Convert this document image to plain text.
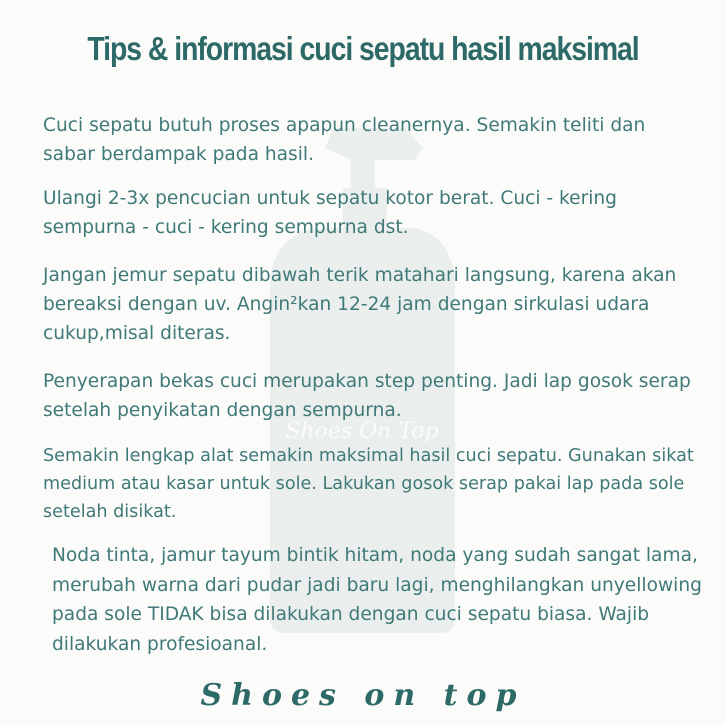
Shoes On Top
Tips & informasi cuci sepatu hasil maksimal

Cuci sepatu butuh proses apapun cleanernya. Semakin teliti dan sabar berdampak pada hasil.

Ulangi 2-3x pencucian untuk sepatu kotor berat. Cuci - kering sempurna - cuci - kering sempurna dst.

Jangan jemur sepatu dibawah terik matahari langsung, karena akan bereaksi dengan uv. Angin²kan 12-24 jam dengan sirkulasi udara cukup,misal diteras.

Penyerapan bekas cuci merupakan step penting. Jadi lap gosok serap setelah penyikatan dengan sempurna.

Semakin lengkap alat semakin maksimal hasil cuci sepatu. Gunakan sikat medium atau kasar untuk sole. Lakukan gosok serap pakai lap pada sole setelah disikat.

Noda tinta, jamur tayum bintik hitam, noda yang sudah sangat lama, merubah warna dari pudar jadi baru lagi, menghilangkan unyellowing pada sole TIDAK bisa dilakukan dengan cuci sepatu biasa. Wajib dilakukan profesioanal.

Shoes on top
